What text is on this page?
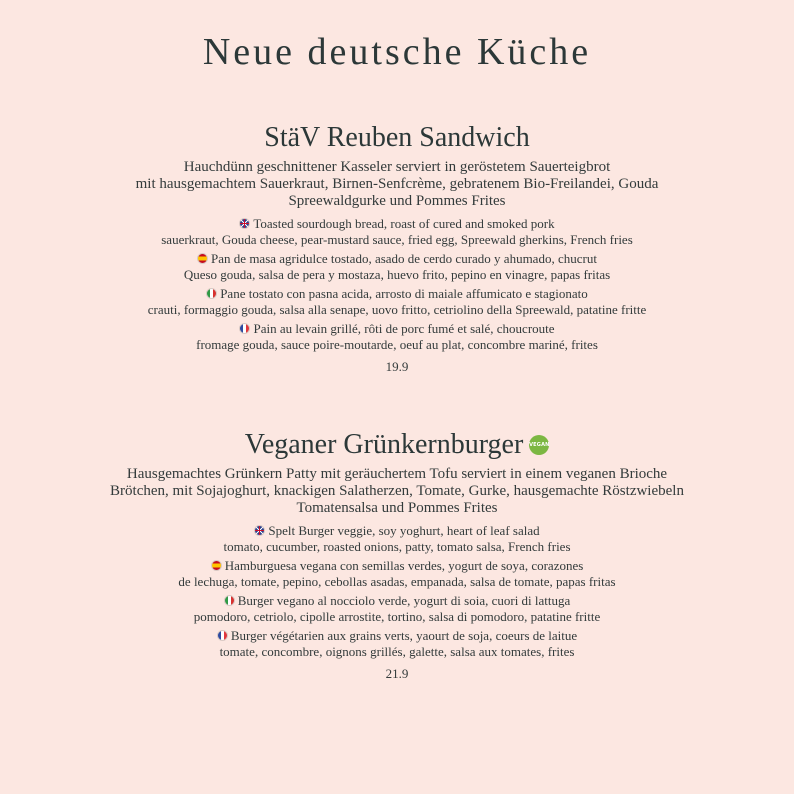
Neue deutsche Küche
StäV Reuben Sandwich
Hauchdünn geschnittener Kasseler serviert in geröstetem Sauerteigbrot
mit hausgemachtem Sauerkraut, Birnen-Senfcrème, gebratenem Bio-Freilandei, Gouda
Spreewaldgurke und Pommes Frites
Toasted sourdough bread, roast of cured and smoked pork
sauerkraut, Gouda cheese, pear-mustard sauce, fried egg, Spreewald gherkins, French fries
Pan de masa agridulce tostado, asado de cerdo curado y ahumado, chucrut
Queso gouda, salsa de pera y mostaza, huevo frito, pepino en vinagre, papas fritas
Pane tostato con pasna acida, arrosto di maiale affumicato e stagionato
crauti, formaggio gouda, salsa alla senape, uovo fritto, cetriolino della Spreewald, patatine fritte
Pain au levain grillé, rôti de porc fumé et salé, choucroute
fromage gouda, sauce poire-moutarde, oeuf au plat, concombre mariné, frites
19.9
Veganer Grünkernburger VEGAN
Hausgemachtes Grünkern Patty mit geräuchertem Tofu serviert in einem veganen Brioche
Brötchen, mit Sojajoghurt, knackigen Salatherzen, Tomate, Gurke, hausgemachte Röstzwiebeln
Tomatensalsa und Pommes Frites
Spelt Burger veggie, soy yoghurt, heart of leaf salad
tomato, cucumber, roasted onions, patty, tomato salsa, French fries
Hamburguesa vegana con semillas verdes, yogurt de soya, corazones
de lechuga, tomate, pepino, cebollas asadas, empanada, salsa de tomate, papas fritas
Burger vegano al nocciolo verde, yogurt di soia, cuori di lattuga
pomodoro, cetriolo, cipolle arrostite, tortino, salsa di pomodoro, patatine fritte
Burger végétarien aux grains verts, yaourt de soja, coeurs de laitue
tomate, concombre, oignons grillés, galette, salsa aux tomates, frites
21.9
